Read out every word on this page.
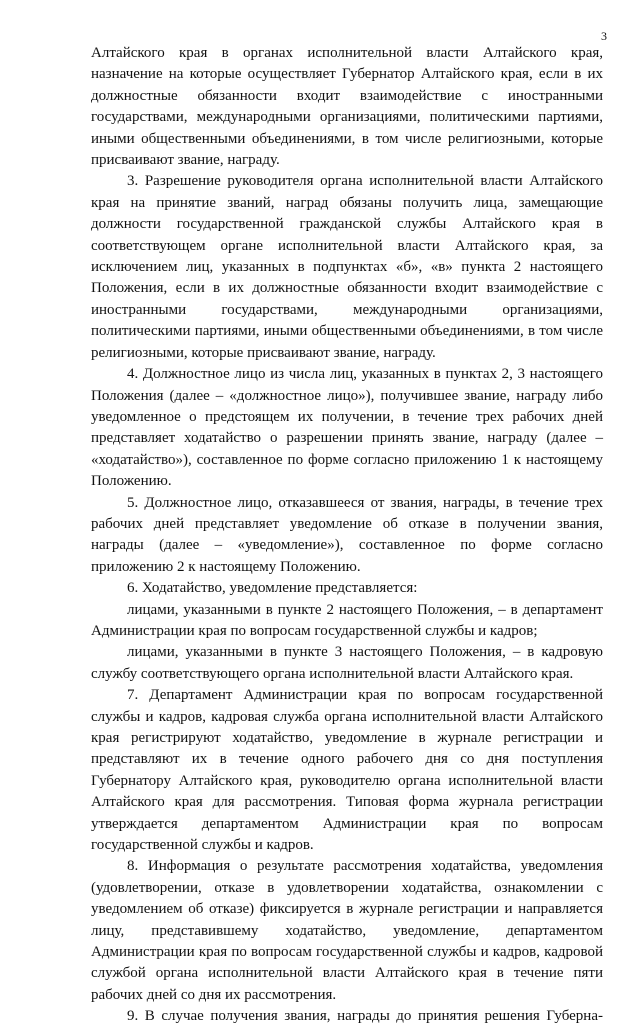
3

Алтайского края в органах исполнительной власти Алтайского края, назначение на которые осуществляет Губернатор Алтайского края, если в их должностные обязанности входит взаимодействие с иностранными государствами, международными организациями, политическими партиями, иными общественными объединениями, в том числе религиозными, которые присваивают звание, награду.

3. Разрешение руководителя органа исполнительной власти Алтайского края на принятие званий, наград обязаны получить лица, замещающие должности государственной гражданской службы Алтайского края в соответствующем органе исполнительной власти Алтайского края, за исключением лиц, указанных в подпунктах «б», «в» пункта 2 настоящего Положения, если в их должностные обязанности входит взаимодействие с иностранными государствами, международными организациями, политическими партиями, иными общественными объединениями, в том числе религиозными, которые присваивают звание, награду.

4. Должностное лицо из числа лиц, указанных в пунктах 2, 3 настоящего Положения (далее – «должностное лицо»), получившее звание, награду либо уведомленное о предстоящем их получении, в течение трех рабочих дней представляет ходатайство о разрешении принять звание, награду (далее – «ходатайство»), составленное по форме согласно приложению 1 к настоящему Положению.

5. Должностное лицо, отказавшееся от звания, награды, в течение трех рабочих дней представляет уведомление об отказе в получении звания, награды (далее – «уведомление»), составленное по форме согласно приложению 2 к настоящему Положению.

6. Ходатайство, уведомление представляется:

лицами, указанными в пункте 2 настоящего Положения, – в департамент Администрации края по вопросам государственной службы и кадров;

лицами, указанными в пункте 3 настоящего Положения, – в кадровую службу соответствующего органа исполнительной власти Алтайского края.

7. Департамент Администрации края по вопросам государственной службы и кадров, кадровая служба органа исполнительной власти Алтайского края регистрируют ходатайство, уведомление в журнале регистрации и представляют их в течение одного рабочего дня со дня поступления Губернатору Алтайского края, руководителю органа исполнительной власти Алтайского края для рассмотрения. Типовая форма журнала регистрации утверждается департаментом Администрации края по вопросам государственной службы и кадров.

8. Информация о результате рассмотрения ходатайства, уведомления (удовлетворении, отказе в удовлетворении ходатайства, ознакомлении с уведомлением об отказе) фиксируется в журнале регистрации и направляется лицу, представившему ходатайство, уведомление, департаментом Администрации края по вопросам государственной службы и кадров, кадровой службой органа исполнительной власти Алтайского края в течение пяти рабочих дней со дня их рассмотрения.

9. В случае получения звания, награды до принятия решения Губерна-
